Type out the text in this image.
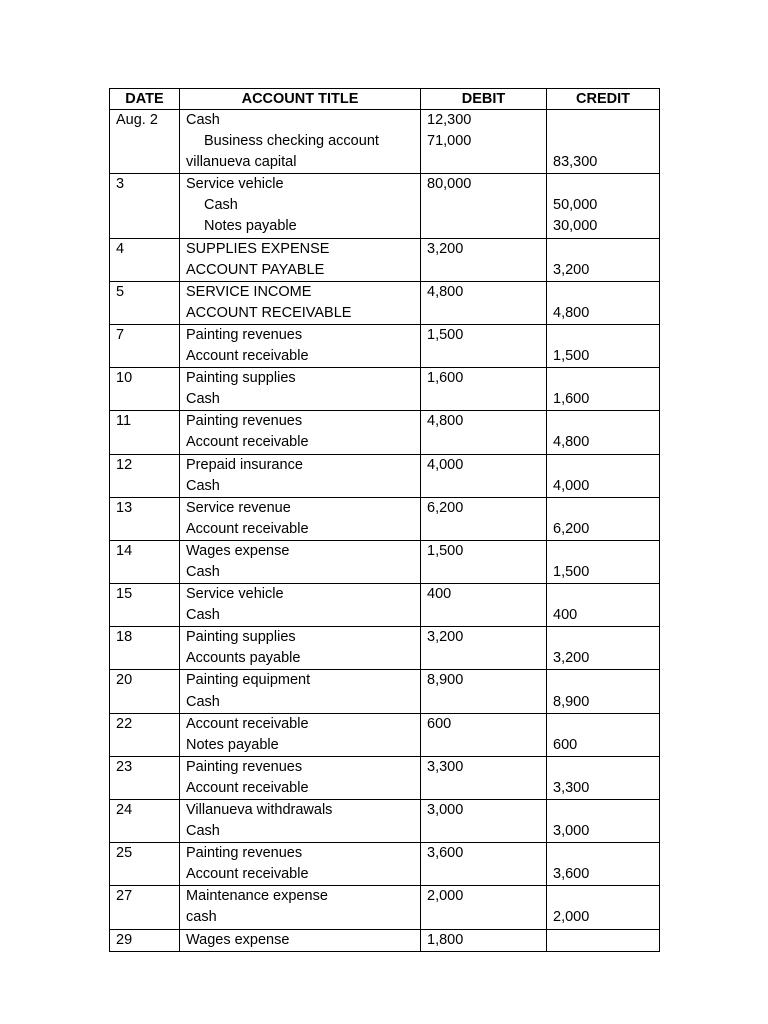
DATE	ACCOUNT TITLE	DEBIT	CREDIT
Aug. 2	Cash	12,300	
	Business checking account	71,000	
	villanueva capital		83,300
3	Service vehicle	80,000	
	Cash		50,000
	Notes payable		30,000
4	SUPPLIES EXPENSE	3,200	
	ACCOUNT PAYABLE		3,200
5	SERVICE INCOME	4,800	
	ACCOUNT RECEIVABLE		4,800
7	Painting revenues	1,500	
	Account receivable		1,500
10	Painting supplies	1,600	
	Cash		1,600
11	Painting revenues	4,800	
	Account receivable		4,800
12	Prepaid insurance	4,000	
	Cash		4,000
13	Service revenue	6,200	
	Account receivable		6,200
14	Wages expense	1,500	
	Cash		1,500
15	Service vehicle	400	
	Cash		400
18	Painting supplies	3,200	
	Accounts payable		3,200
20	Painting equipment	8,900	
	Cash		8,900
22	Account receivable	600	
	Notes payable		600
23	Painting revenues	3,300	
	Account receivable		3,300
24	Villanueva withdrawals	3,000	
	Cash		3,000
25	Painting revenues	3,600	
	Account receivable		3,600
27	Maintenance expense	2,000	
	cash		2,000
29	Wages expense	1,800	
